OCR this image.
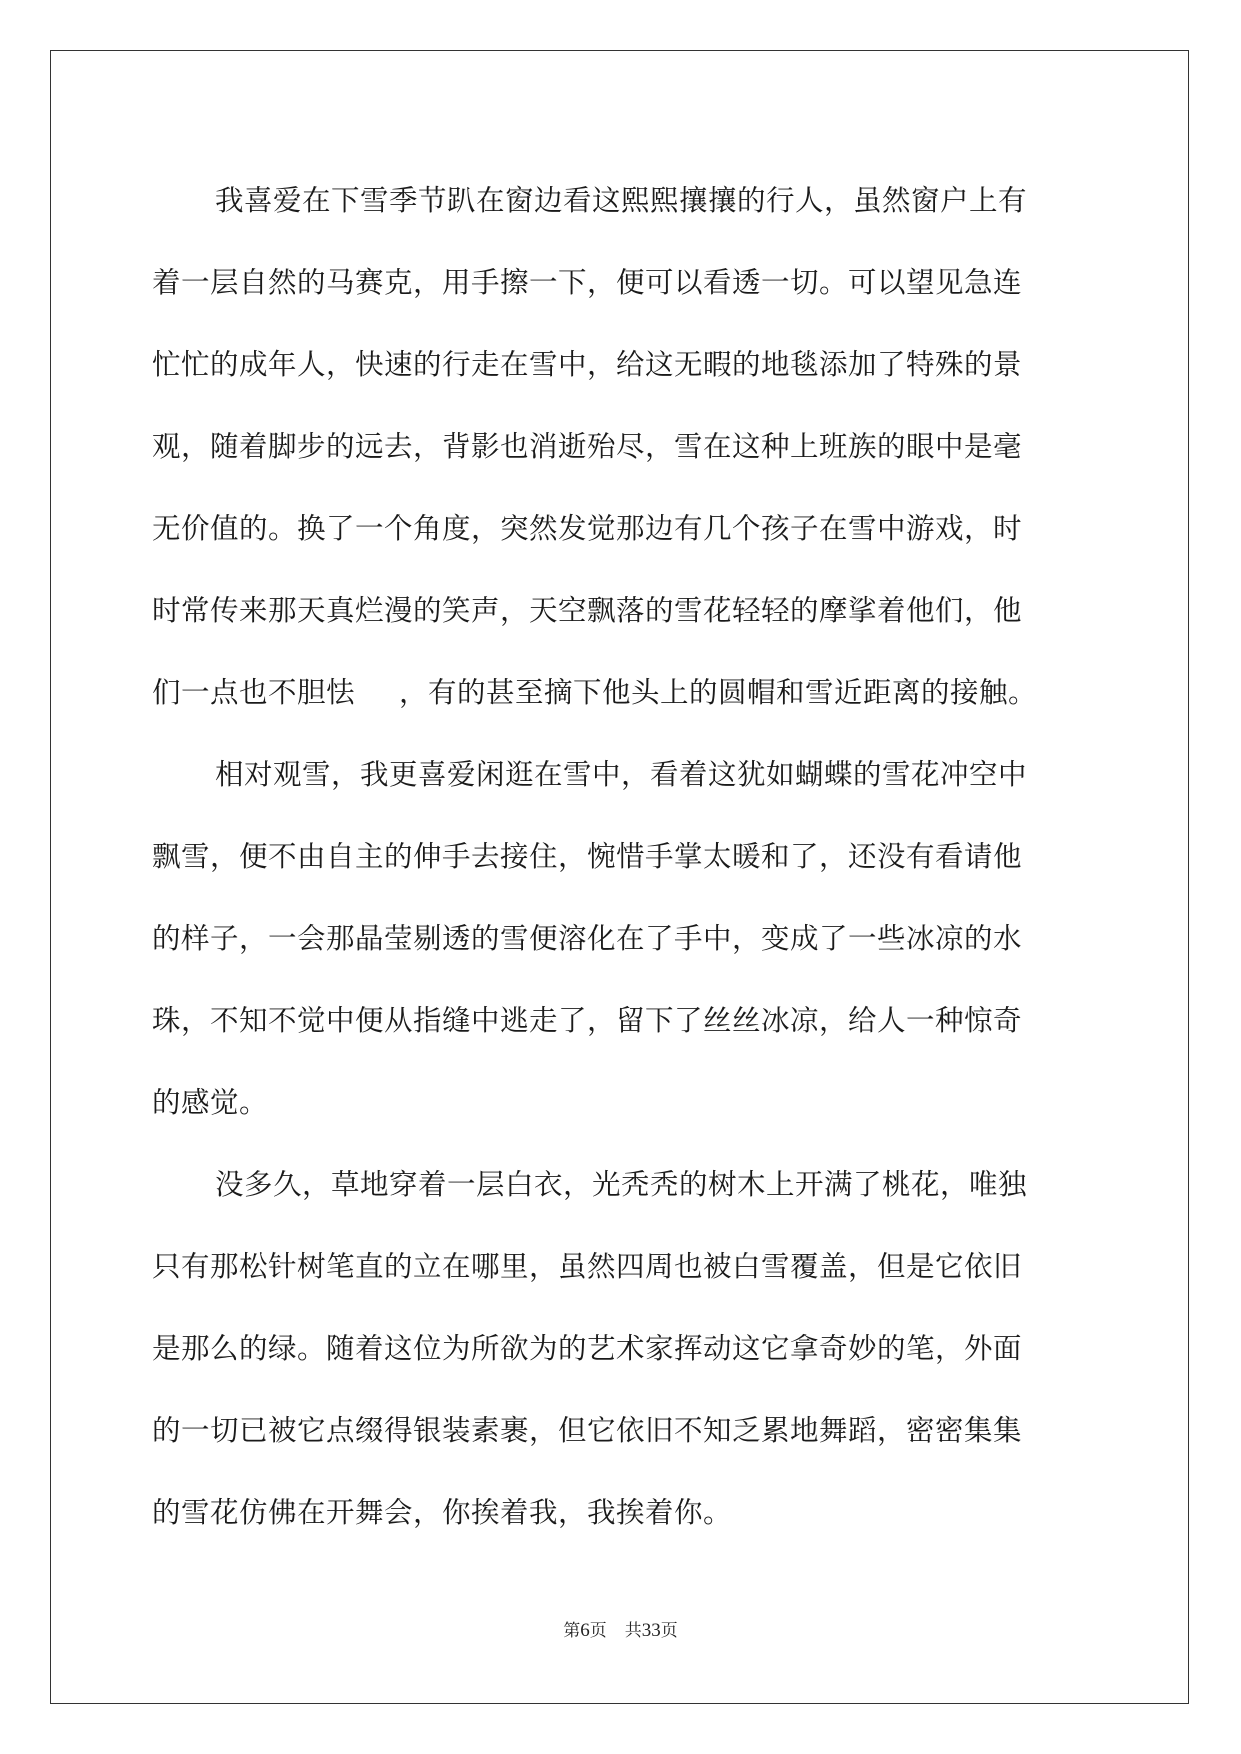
我喜爱在下雪季节趴在窗边看这熙熙攘攘的行人，虽然窗户上有
着一层自然的马赛克，用手擦一下，便可以看透一切。可以望见急连
忙忙的成年人，快速的行走在雪中，给这无暇的地毯添加了特殊的景
观，随着脚步的远去，背影也消逝殆尽，雪在这种上班族的眼中是毫
无价值的。换了一个角度，突然发觉那边有几个孩子在雪中游戏，时
时常传来那天真烂漫的笑声，天空飘落的雪花轻轻的摩挲着他们，他
们一点也不胆怯 ，有的甚至摘下他头上的圆帽和雪近距离的接触。
相对观雪，我更喜爱闲逛在雪中，看着这犹如蝴蝶的雪花冲空中
飘雪，便不由自主的伸手去接住，惋惜手掌太暖和了，还没有看请他
的样子，一会那晶莹剔透的雪便溶化在了手中，变成了一些冰凉的水
珠，不知不觉中便从指缝中逃走了，留下了丝丝冰凉，给人一种惊奇
的感觉。
没多久，草地穿着一层白衣，光秃秃的树木上开满了桃花，唯独
只有那松针树笔直的立在哪里，虽然四周也被白雪覆盖，但是它依旧
是那么的绿。随着这位为所欲为的艺术家挥动这它拿奇妙的笔，外面
的一切已被它点缀得银装素裹，但它依旧不知乏累地舞蹈，密密集集
的雪花仿佛在开舞会，你挨着我，我挨着你。
第6页 共33页
